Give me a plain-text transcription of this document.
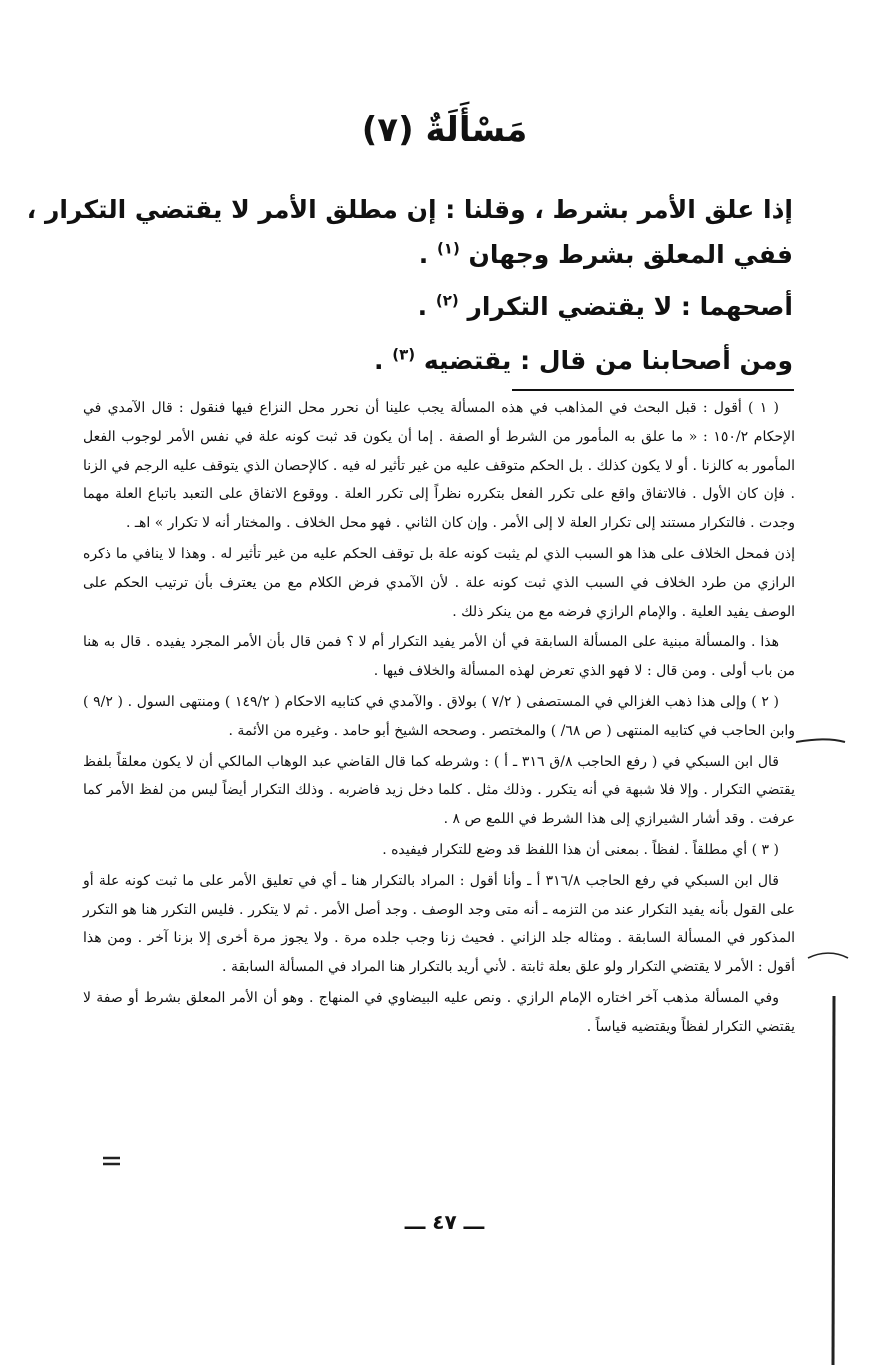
مَسْأَلَةٌ (٧)
إذا علق الأمر بشرط ، وقلنا : إن مطلق الأمر لا يقتضي التكرار ،
ففي المعلق بشرط وجهان $^{(١)}$ .
أصحهما : لا يقتضي التكرار $^{(٢)}$ .
ومن أصحابنا من قال : يقتضيه $^{(٣)}$ .

( ١ ) أقول : قبل البحث في المذاهب في هذه المسألة يجب علينا أن نحرر محل النزاع فيها فنقول : قال الآمدي في الإحكام ١٥٠/٢ : « ما علق به المأمور من الشرط أو الصفة . إما أن يكون قد ثبت كونه علة في نفس الأمر لوجوب الفعل المأمور به كالزنا . أو لا يكون كذلك . بل الحكم متوقف عليه من غير تأثير له فيه . كالإحصان الذي يتوقف عليه الرجم في الزنا . فإن كان الأول . فالاتفاق واقع على تكرر الفعل بتكرره نظراً إلى تكرر العلة . ووقوع الاتفاق على التعبد باتباع العلة مهما وجدت . فالتكرار مستند إلى تكرار العلة لا إلى الأمر . وإن كان الثاني . فهو محل الخلاف . والمختار أنه لا تكرار » اهـ .

إذن فمحل الخلاف على هذا هو السبب الذي لم يثبت كونه علة بل توقف الحكم عليه من غير تأثير له . وهذا لا ينافي ما ذكره الرازي من طرد الخلاف في السبب الذي ثبت كونه علة . لأن الآمدي فرض الكلام مع من يعترف بأن ترتيب الحكم على الوصف يفيد العلية . والإمام الرازي فرضه مع من ينكر ذلك .

هذا . والمسألة مبنية على المسألة السابقة في أن الأمر يفيد التكرار أم لا ؟ فمن قال بأن الأمر المجرد يفيده . قال به هنا من باب أولى . ومن قال : لا فهو الذي تعرض لهذه المسألة والخلاف فيها .

( ٢ ) وإلى هذا ذهب الغزالي في المستصفى ( ٧/٢ ) بولاق . والآمدي في كتابيه الاحكام ( ١٤٩/٢ ) ومنتهى السول . ( ٩/٢ ) وابن الحاجب في كتابيه المنتهى ( ص ٦٨/ ) والمختصر . وصححه الشيخ أبو حامد . وغيره من الأئمة .

قال ابن السبكي في ( رفع الحاجب ٨/ق ٣١٦ ـ أ ) : وشرطه كما قال القاضي عبد الوهاب المالكي أن لا يكون معلقاً بلفظ يقتضي التكرار . وإلا فلا شبهة في أنه يتكرر . وذلك مثل . كلما دخل زيد فاضربه . وذلك التكرار أيضاً ليس من لفظ الأمر كما عرفت . وقد أشار الشيرازي إلى هذا الشرط في اللمع ص ٨ .

( ٣ ) أي مطلقاً . لفظاً . بمعنى أن هذا اللفظ قد وضع للتكرار فيفيده .

قال ابن السبكي في رفع الحاجب ٣١٦/٨ أ ـ وأنا أقول : المراد بالتكرار هنا ـ أي في تعليق الأمر على ما ثبت كونه علة أو على القول بأنه يفيد التكرار عند من التزمه ـ أنه متى وجد الوصف . وجد أصل الأمر . ثم لا يتكرر . فليس التكرر هنا هو التكرر المذكور في المسألة السابقة . ومثاله جلد الزاني . فحيث زنا وجب جلده مرة . ولا يجوز مرة أخرى إلا بزنا آخر . ومن هذا أقول : الأمر لا يقتضي التكرار ولو علق بعلة ثابتة . لأني أريد بالتكرار هنا المراد في المسألة السابقة .

وفي المسألة مذهب آخر اختاره الإمام الرازي . ونص عليه البيضاوي في المنهاج . وهو أن الأمر المعلق بشرط أو صفة لا يقتضي التكرار لفظاً ويقتضيه قياساً .

ـــ ٤٧ ـــ
